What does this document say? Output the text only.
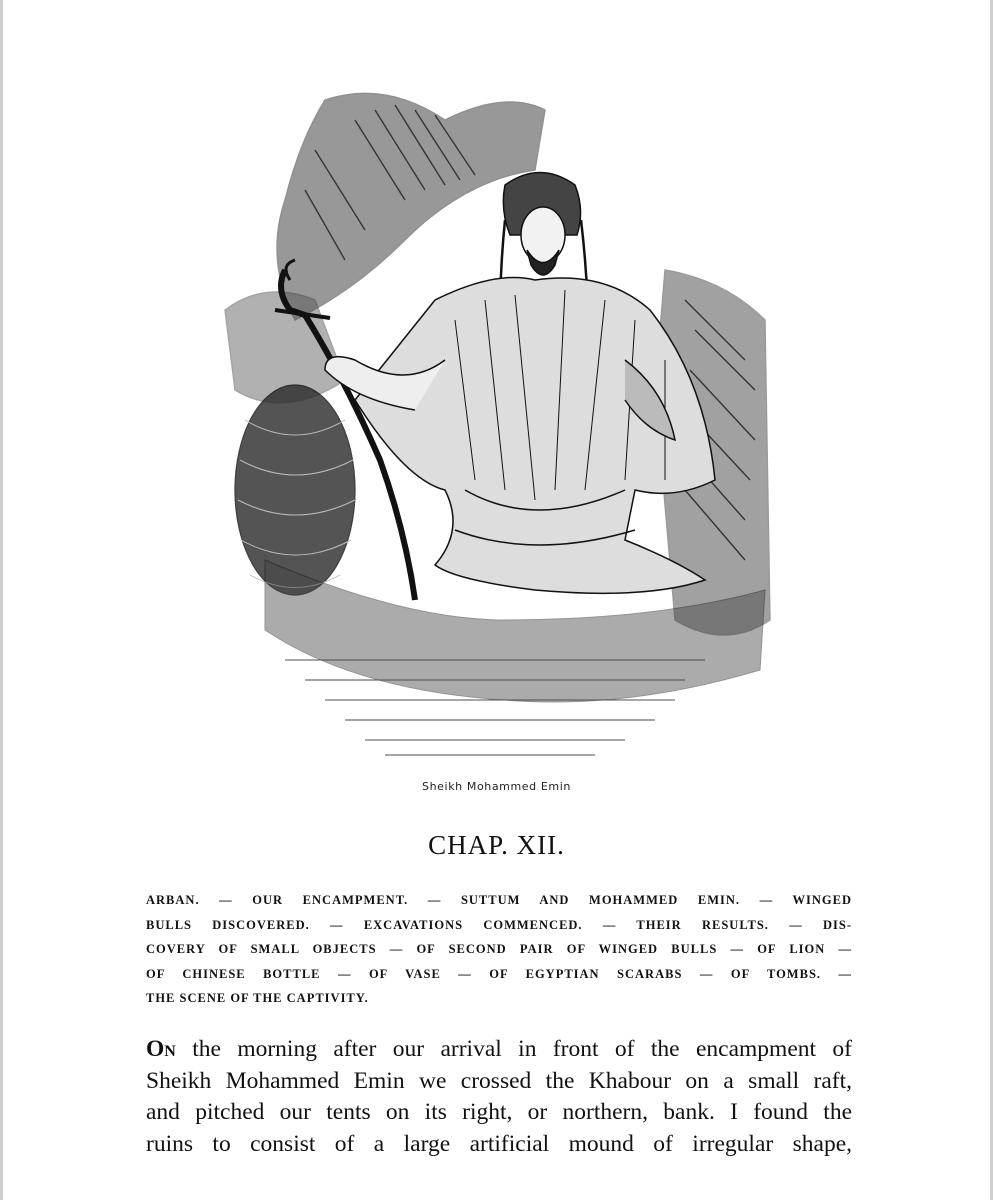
Sheikh Mohammed Emin
CHAP. XII.
ARBAN. — OUR ENCAMPMENT. — SUTTUM AND MOHAMMED EMIN. — WINGED
BULLS DISCOVERED. — EXCAVATIONS COMMENCED. — THEIR RESULTS. — DIS-
COVERY OF SMALL OBJECTS — OF SECOND PAIR OF WINGED BULLS — OF LION —
OF CHINESE BOTTLE — OF VASE — OF EGYPTIAN SCARABS — OF TOMBS. —
THE SCENE OF THE CAPTIVITY.
On the morning after our arrival in front of the encampment of
Sheikh Mohammed Emin we crossed the Khabour on a small raft,
and pitched our tents on its right, or northern, bank. I found the
ruins to consist of a large artificial mound of irregular shape,
